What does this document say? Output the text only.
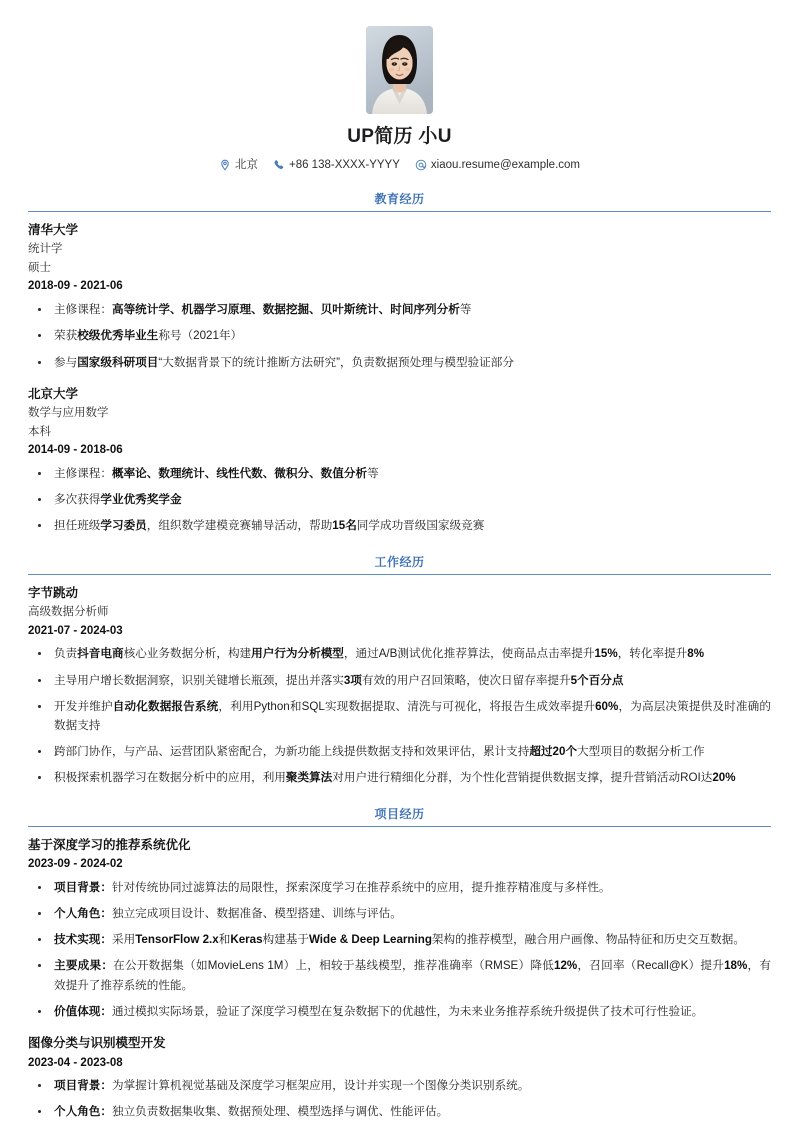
UP简历 小U
北京	+86 138-XXXX-YYYY	xiaou.resume@example.com
教育经历
清华大学
统计学
硕士
2018-09 - 2021-06
主修课程：高等统计学、机器学习原理、数据挖掘、贝叶斯统计、时间序列分析等
荣获校级优秀毕业生称号（2021年）
参与国家级科研项目“大数据背景下的统计推断方法研究”，负责数据预处理与模型验证部分
北京大学
数学与应用数学
本科
2014-09 - 2018-06
主修课程：概率论、数理统计、线性代数、微积分、数值分析等
多次获得学业优秀奖学金
担任班级学习委员，组织数学建模竞赛辅导活动，帮助15名同学成功晋级国家级竞赛
工作经历
字节跳动
高级数据分析师
2021-07 - 2024-03
负责抖音电商核心业务数据分析，构建用户行为分析模型，通过A/B测试优化推荐算法，使商品点击率提升15%，转化率提升8%
主导用户增长数据洞察，识别关键增长瓶颈，提出并落实3项有效的用户召回策略，使次日留存率提升5个百分点
开发并维护自动化数据报告系统，利用Python和SQL实现数据提取、清洗与可视化，将报告生成效率提升60%，为高层决策提供及时准确的数据支持
跨部门协作，与产品、运营团队紧密配合，为新功能上线提供数据支持和效果评估，累计支持超过20个大型项目的数据分析工作
积极探索机器学习在数据分析中的应用，利用聚类算法对用户进行精细化分群，为个性化营销提供数据支撑，提升营销活动ROI达20%
项目经历
基于深度学习的推荐系统优化
2023-09 - 2024-02
项目背景：针对传统协同过滤算法的局限性，探索深度学习在推荐系统中的应用，提升推荐精准度与多样性。
个人角色：独立完成项目设计、数据准备、模型搭建、训练与评估。
技术实现：采用TensorFlow 2.x和Keras构建基于Wide & Deep Learning架构的推荐模型，融合用户画像、物品特征和历史交互数据。
主要成果：在公开数据集（如MovieLens 1M）上，相较于基线模型，推荐准确率（RMSE）降低12%，召回率（Recall@K）提升18%，有效提升了推荐系统的性能。
价值体现：通过模拟实际场景，验证了深度学习模型在复杂数据下的优越性，为未来业务推荐系统升级提供了技术可行性验证。
图像分类与识别模型开发
2023-04 - 2023-08
项目背景：为掌握计算机视觉基础及深度学习框架应用，设计并实现一个图像分类识别系统。
个人角色：独立负责数据集收集、数据预处理、模型选择与调优、性能评估。
